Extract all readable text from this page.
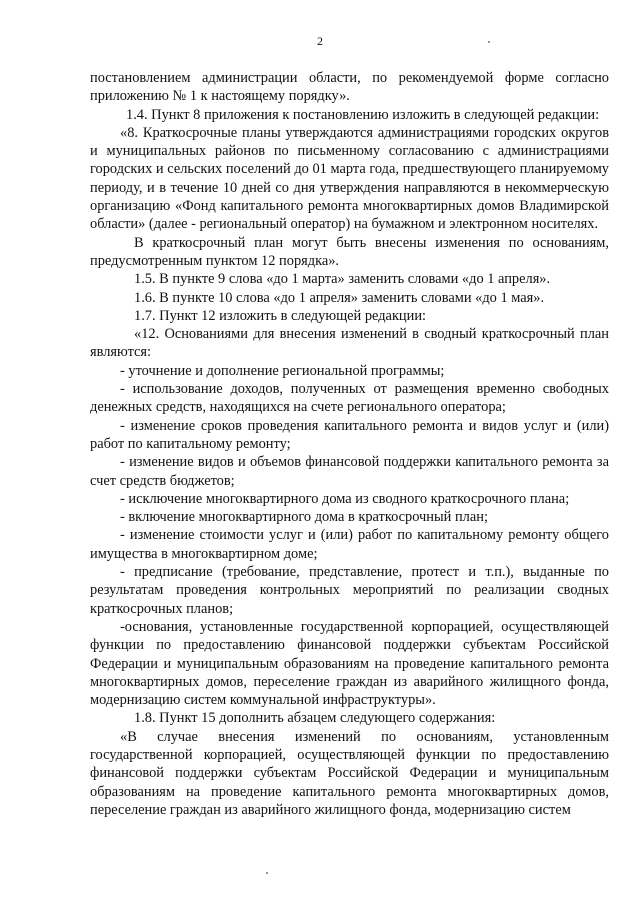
2

постановлением администрации области, по рекомендуемой форме согласно приложению № 1 к настоящему порядку».

1.4. Пункт 8 приложения к постановлению изложить в следующей редакции:

«8. Краткосрочные планы утверждаются администрациями городских округов и муниципальных районов по письменному согласованию с администрациями городских и сельских поселений до 01 марта года, предшествующего планируемому периоду, и в течение 10 дней со дня утверждения направляются в некоммерческую организацию «Фонд капитального ремонта многоквартирных домов Владимирской области» (далее - региональный оператор) на бумажном и электронном носителях.

В краткосрочный план могут быть внесены изменения по основаниям, предусмотренным пунктом 12 порядка».

1.5. В пункте 9 слова «до 1 марта» заменить словами «до 1 апреля».

1.6. В пункте 10 слова «до 1 апреля» заменить словами «до 1 мая».

1.7. Пункт 12 изложить в следующей редакции:

«12. Основаниями для внесения изменений в сводный краткосрочный план являются:

- уточнение и дополнение региональной программы;

- использование доходов, полученных от размещения временно свободных денежных средств, находящихся на счете регионального оператора;

- изменение сроков проведения капитального ремонта и видов услуг и (или) работ по капитальному ремонту;

- изменение видов и объемов финансовой поддержки капитального ремонта за счет средств бюджетов;

- исключение многоквартирного дома из сводного краткосрочного плана;

- включение многоквартирного дома в краткосрочный план;

- изменение стоимости услуг и (или) работ по капитальному ремонту общего имущества в многоквартирном доме;

- предписание (требование, представление, протест и т.п.), выданные по результатам проведения контрольных мероприятий по реализации сводных краткосрочных планов;

-основания, установленные государственной корпорацией, осуществляющей функции по предоставлению финансовой поддержки субъектам Российской Федерации и муниципальным образованиям на проведение капитального ремонта многоквартирных домов, переселение граждан из аварийного жилищного фонда, модернизацию систем коммунальной инфраструктуры».

1.8. Пункт 15 дополнить абзацем следующего содержания:

«В случае внесения изменений по основаниям, установленным государственной корпорацией, осуществляющей функции по предоставлению финансовой поддержки субъектам Российской Федерации и муниципальным образованиям на проведение капитального ремонта многоквартирных домов, переселение граждан из аварийного жилищного фонда, модернизацию систем
